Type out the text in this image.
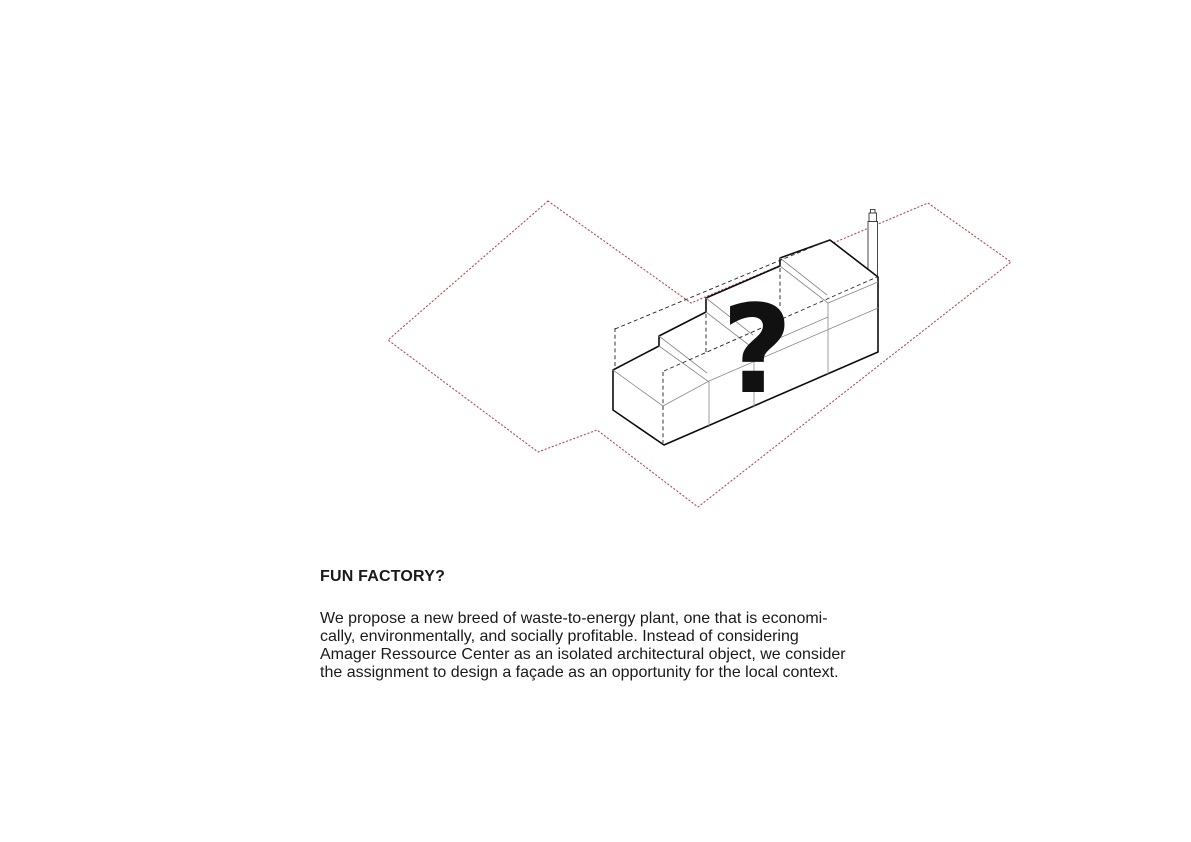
?

FUN FACTORY?

We propose a new breed of waste-to-energy plant, one that is economi-
cally, environmentally, and socially profitable. Instead of considering
Amager Ressource Center as an isolated architectural object, we consider
the assignment to design a façade as an opportunity for the local context.
